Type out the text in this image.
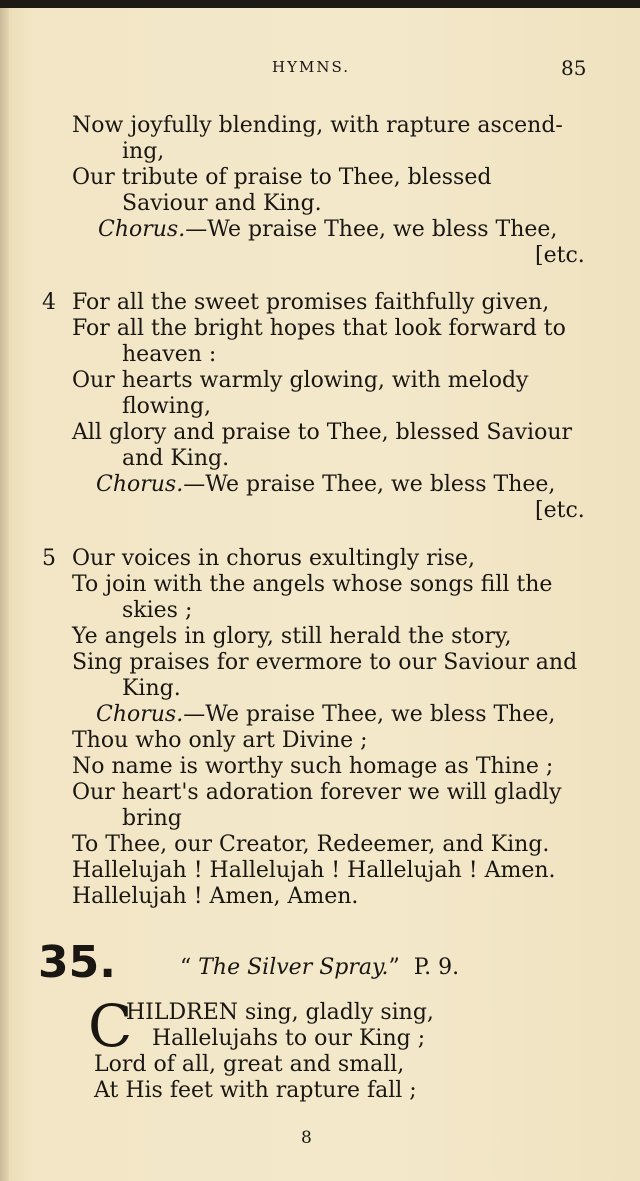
HYMNS.	85
Now joyfully blending, with rapture ascend-
ing,
Our tribute of praise to Thee, blessed
Saviour and King.
Chorus.—We praise Thee, we bless Thee,
[etc.
4 For all the sweet promises faithfully given,
For all the bright hopes that look forward to
heaven :
Our hearts warmly glowing, with melody
flowing,
All glory and praise to Thee, blessed Saviour
and King.
Chorus.—We praise Thee, we bless Thee,
[etc.
5 Our voices in chorus exultingly rise,
To join with the angels whose songs fill the
skies ;
Ye angels in glory, still herald the story,
Sing praises for evermore to our Saviour and
King.
Chorus.—We praise Thee, we bless Thee,
Thou who only art Divine ;
No name is worthy such homage as Thine ;
Our heart's adoration forever we will gladly
bring
To Thee, our Creator, Redeemer, and King.
Hallelujah ! Hallelujah ! Hallelujah ! Amen.
Hallelujah ! Amen, Amen.
35.	“ The Silver Spray.” P. 9.
C
HILDREN sing, gladly sing,
Hallelujahs to our King ;
Lord of all, great and small,
At His feet with rapture fall ;
8
